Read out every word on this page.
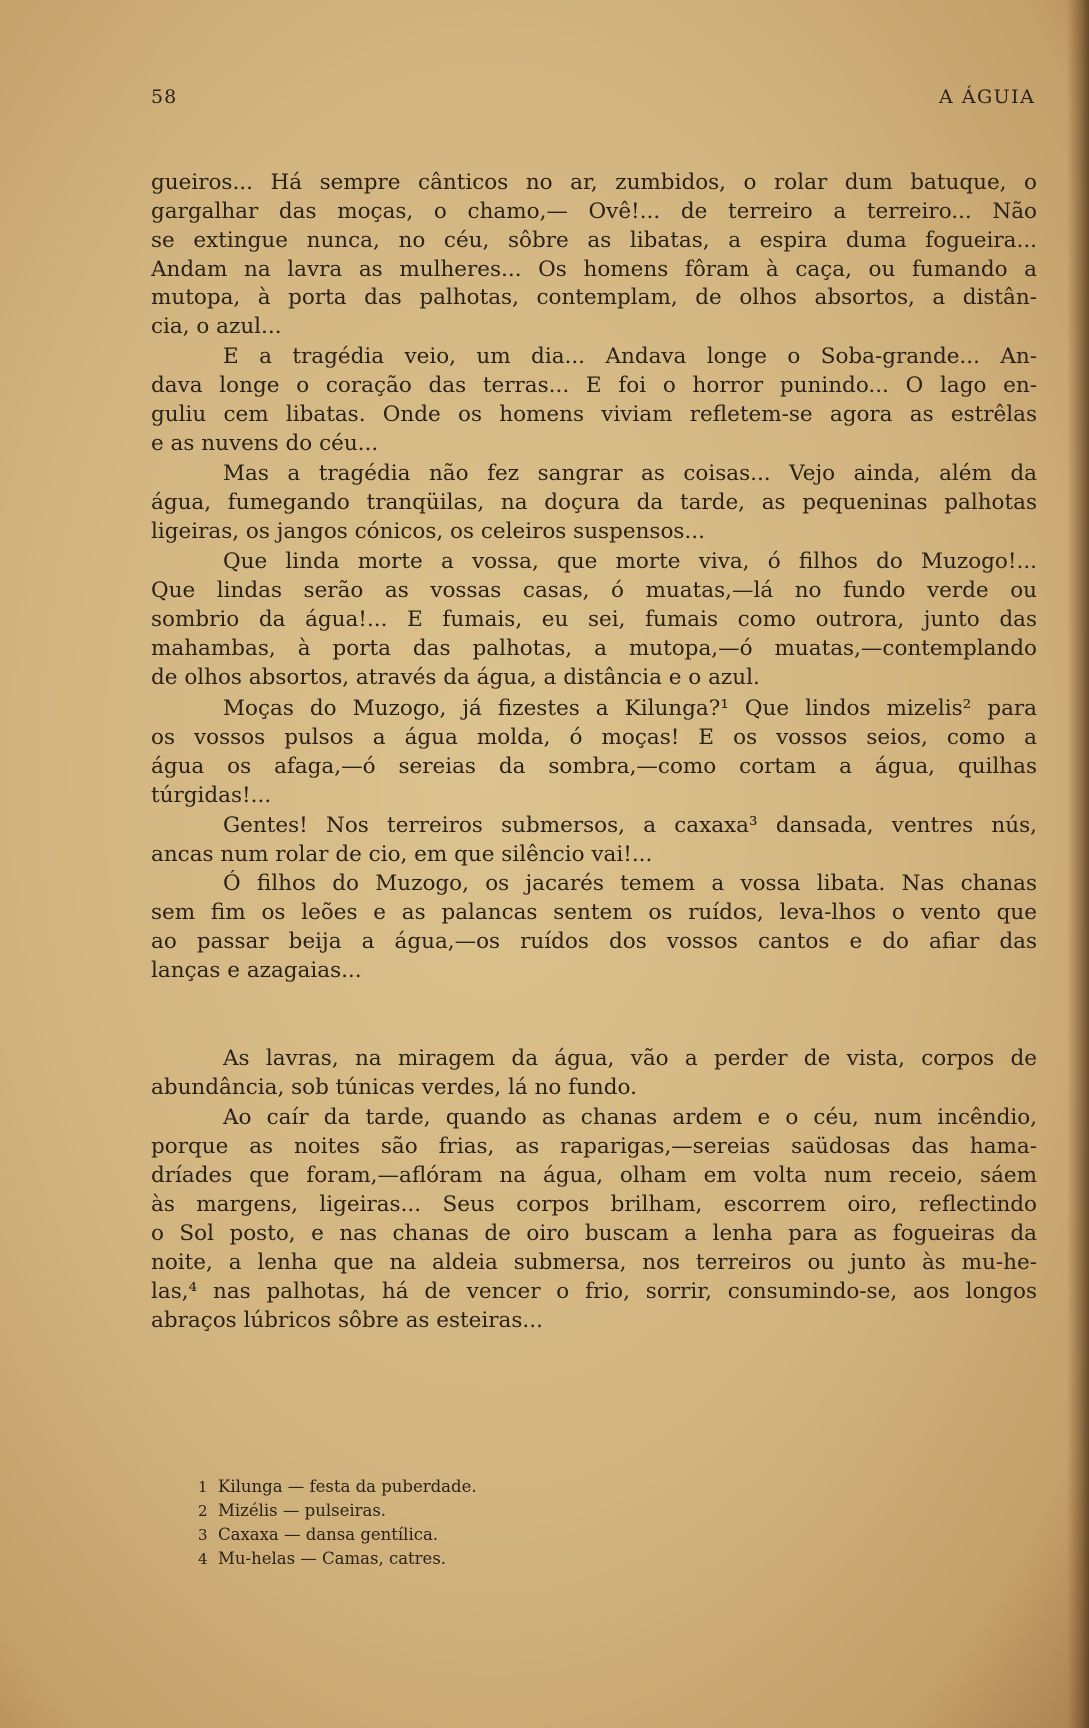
58	A ÁGUIA
gueiros... Há sempre cânticos no ar, zumbidos, o rolar dum batuque, o
gargalhar das moças, o chamo,— Ovê!... de terreiro a terreiro... Não
se extingue nunca, no céu, sôbre as libatas, a espira duma fogueira...
Andam na lavra as mulheres... Os homens fôram à caça, ou fumando a
mutopa, à porta das palhotas, contemplam, de olhos absortos, a distân-
cia, o azul...
E a tragédia veio, um dia... Andava longe o Soba-grande... An-
dava longe o coração das terras... E foi o horror punindo... O lago en-
guliu cem libatas. Onde os homens viviam refletem-se agora as estrêlas
e as nuvens do céu...
Mas a tragédia não fez sangrar as coisas... Vejo ainda, além da
água, fumegando tranqüilas, na doçura da tarde, as pequeninas palhotas
ligeiras, os jangos cónicos, os celeiros suspensos...
Que linda morte a vossa, que morte viva, ó filhos do Muzogo!...
Que lindas serão as vossas casas, ó muatas,—lá no fundo verde ou
sombrio da água!... E fumais, eu sei, fumais como outrora, junto das
mahambas, à porta das palhotas, a mutopa,—ó muatas,—contemplando
de olhos absortos, através da água, a distância e o azul.
Moças do Muzogo, já fizestes a Kilunga?¹ Que lindos mizelis² para
os vossos pulsos a água molda, ó moças! E os vossos seios, como a
água os afaga,—ó sereias da sombra,—como cortam a água, quilhas
túrgidas!...
Gentes! Nos terreiros submersos, a caxaxa³ dansada, ventres nús,
ancas num rolar de cio, em que silêncio vai!...
Ó filhos do Muzogo, os jacarés temem a vossa libata. Nas chanas
sem fim os leões e as palancas sentem os ruídos, leva-lhos o vento que
ao passar beija a água,—os ruídos dos vossos cantos e do afiar das
lanças e azagaias...
As lavras, na miragem da água, vão a perder de vista, corpos de
abundância, sob túnicas verdes, lá no fundo.
Ao caír da tarde, quando as chanas ardem e o céu, num incêndio,
porque as noites são frias, as raparigas,—sereias saüdosas das hama-
dríades que foram,—aflóram na água, olham em volta num receio, sáem
às margens, ligeiras... Seus corpos brilham, escorrem oiro, reflectindo
o Sol posto, e nas chanas de oiro buscam a lenha para as fogueiras da
noite, a lenha que na aldeia submersa, nos terreiros ou junto às mu-he-
las,⁴ nas palhotas, há de vencer o frio, sorrir, consumindo-se, aos longos
abraços lúbricos sôbre as esteiras...
1 Kilunga — festa da puberdade.
2 Mizélis — pulseiras.
3 Caxaxa — dansa gentílica.
4 Mu-helas — Camas, catres.
